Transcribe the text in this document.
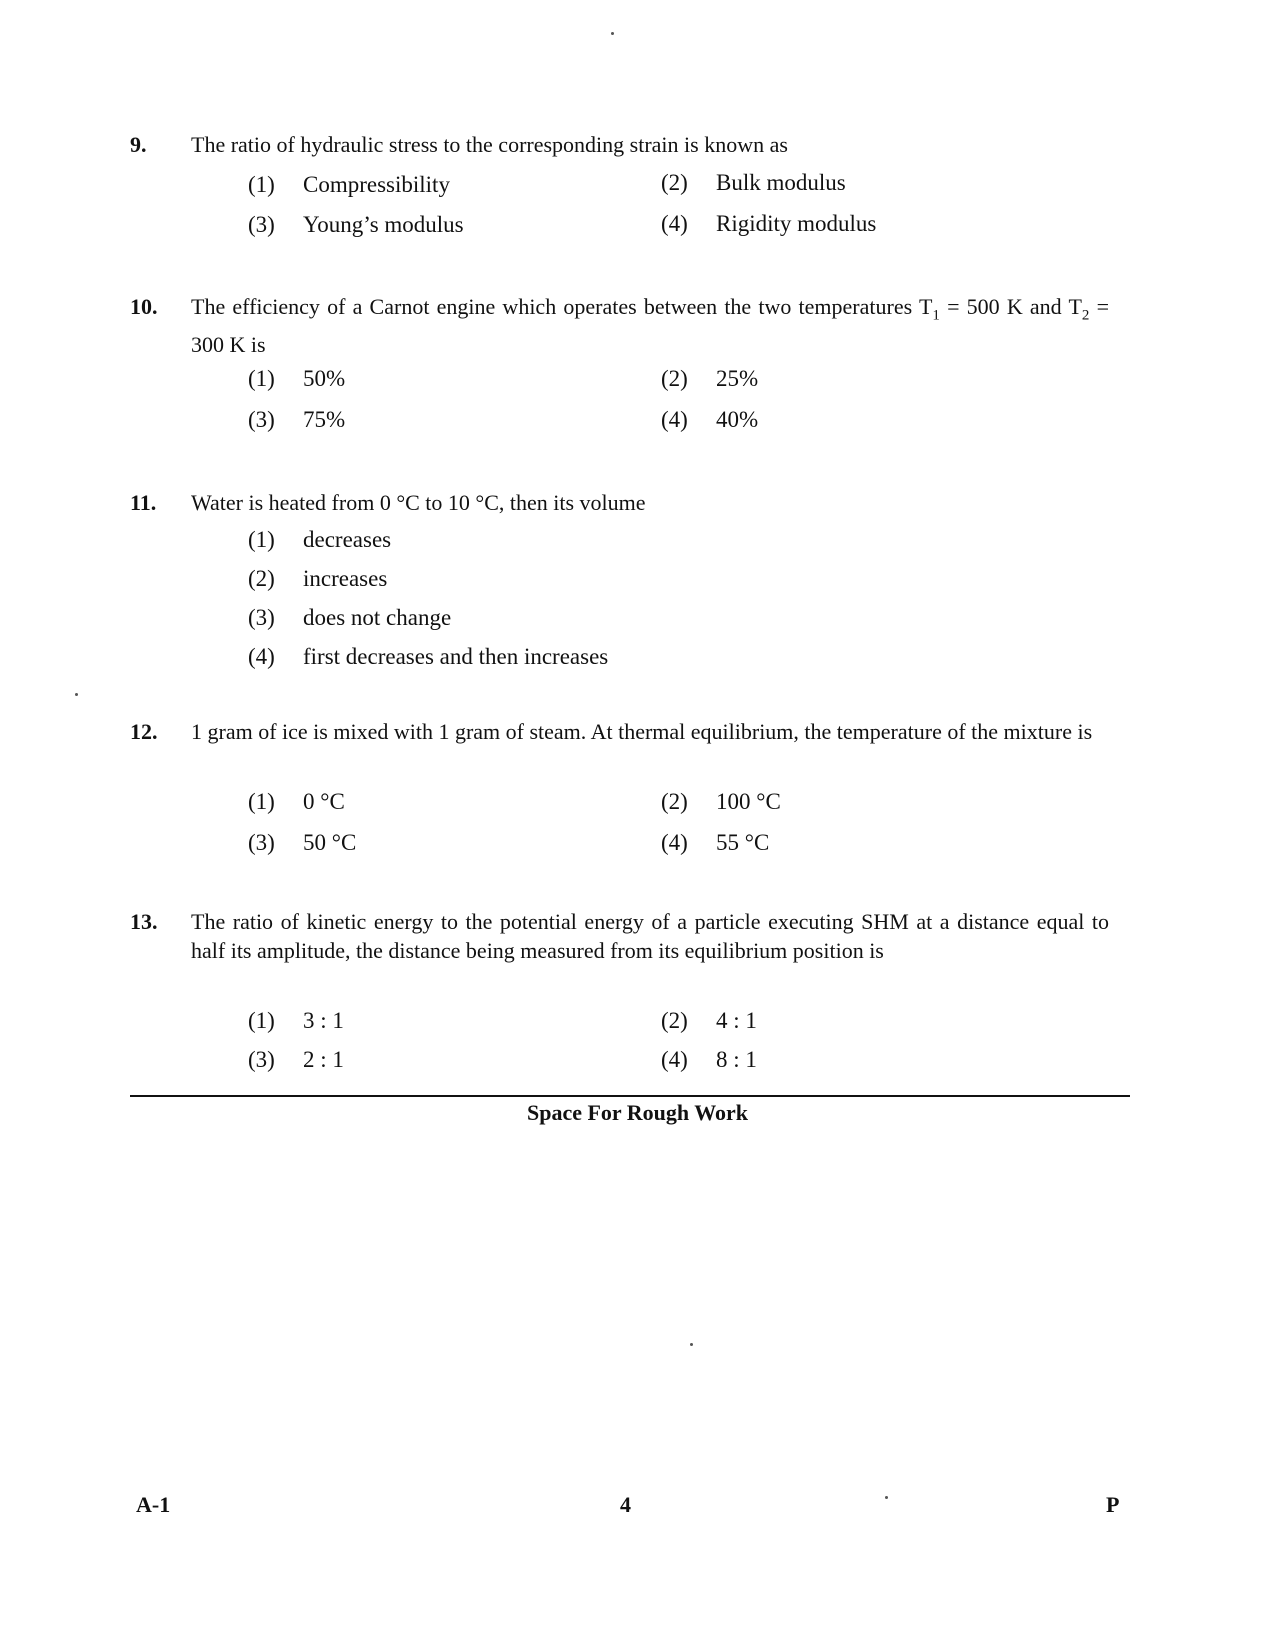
9. The ratio of hydraulic stress to the corresponding strain is known as
(1) Compressibility	(2) Bulk modulus
(3) Young’s modulus	(4) Rigidity modulus
10. The efficiency of a Carnot engine which operates between the two temperatures $T_1 = 500$ K and $T_2 = 300$ K is
(1) 50%	(2) 25%
(3) 75%	(4) 40%
11. Water is heated from 0 °C to 10 °C, then its volume
(1) decreases
(2) increases
(3) does not change
(4) first decreases and then increases
12. 1 gram of ice is mixed with 1 gram of steam. At thermal equilibrium, the temperature of the mixture is
(1) 0 °C	(2) 100 °C
(3) 50 °C	(4) 55 °C
13. The ratio of kinetic energy to the potential energy of a particle executing SHM at a distance equal to half its amplitude, the distance being measured from its equilibrium position is
(1) 3 : 1	(2) 4 : 1
(3) 2 : 1	(4) 8 : 1
Space For Rough Work
A-1	4	P
